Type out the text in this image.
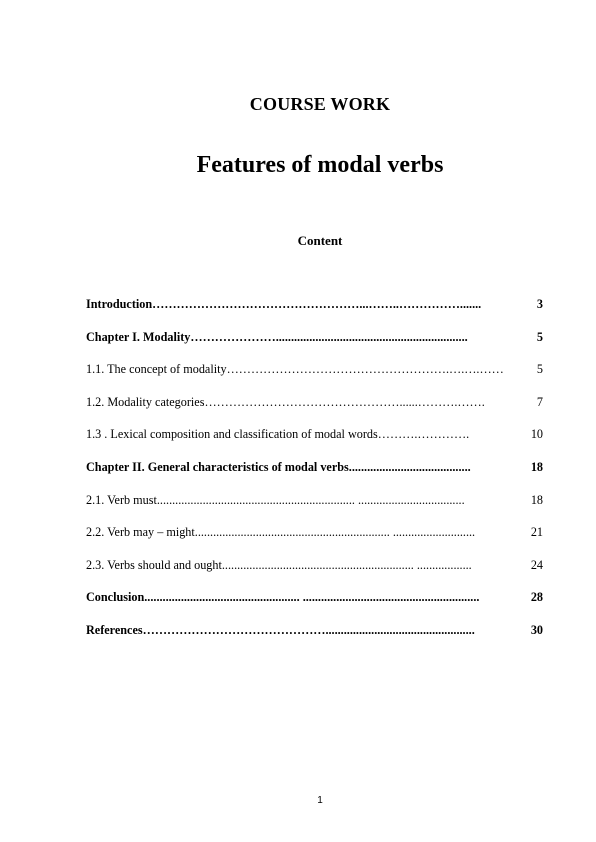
COURSE WORK
Features of modal verbs
Content
Introduction ……………………………………………...……..…………….......	3
Chapter I. Modality …………………...............................................................	5
1.1. The concept of modality ……………………………………………….….….……	5
1.2. Modality categories …………………………………………......……….…….	7
1.3 . Lexical composition and classification of modal words ……….………….	10
Chapter II. General characteristics of modal verbs ........................................	18
2.1. Verb must ................................................................. ...................................	18
2.2. Verb may – might ................................................................ ...........................	21
2.3. Verbs should and ought ............................................................... ..................	24
Conclusion ................................................... ..........................................................	28
References ……………………………………….................................................	30
1
